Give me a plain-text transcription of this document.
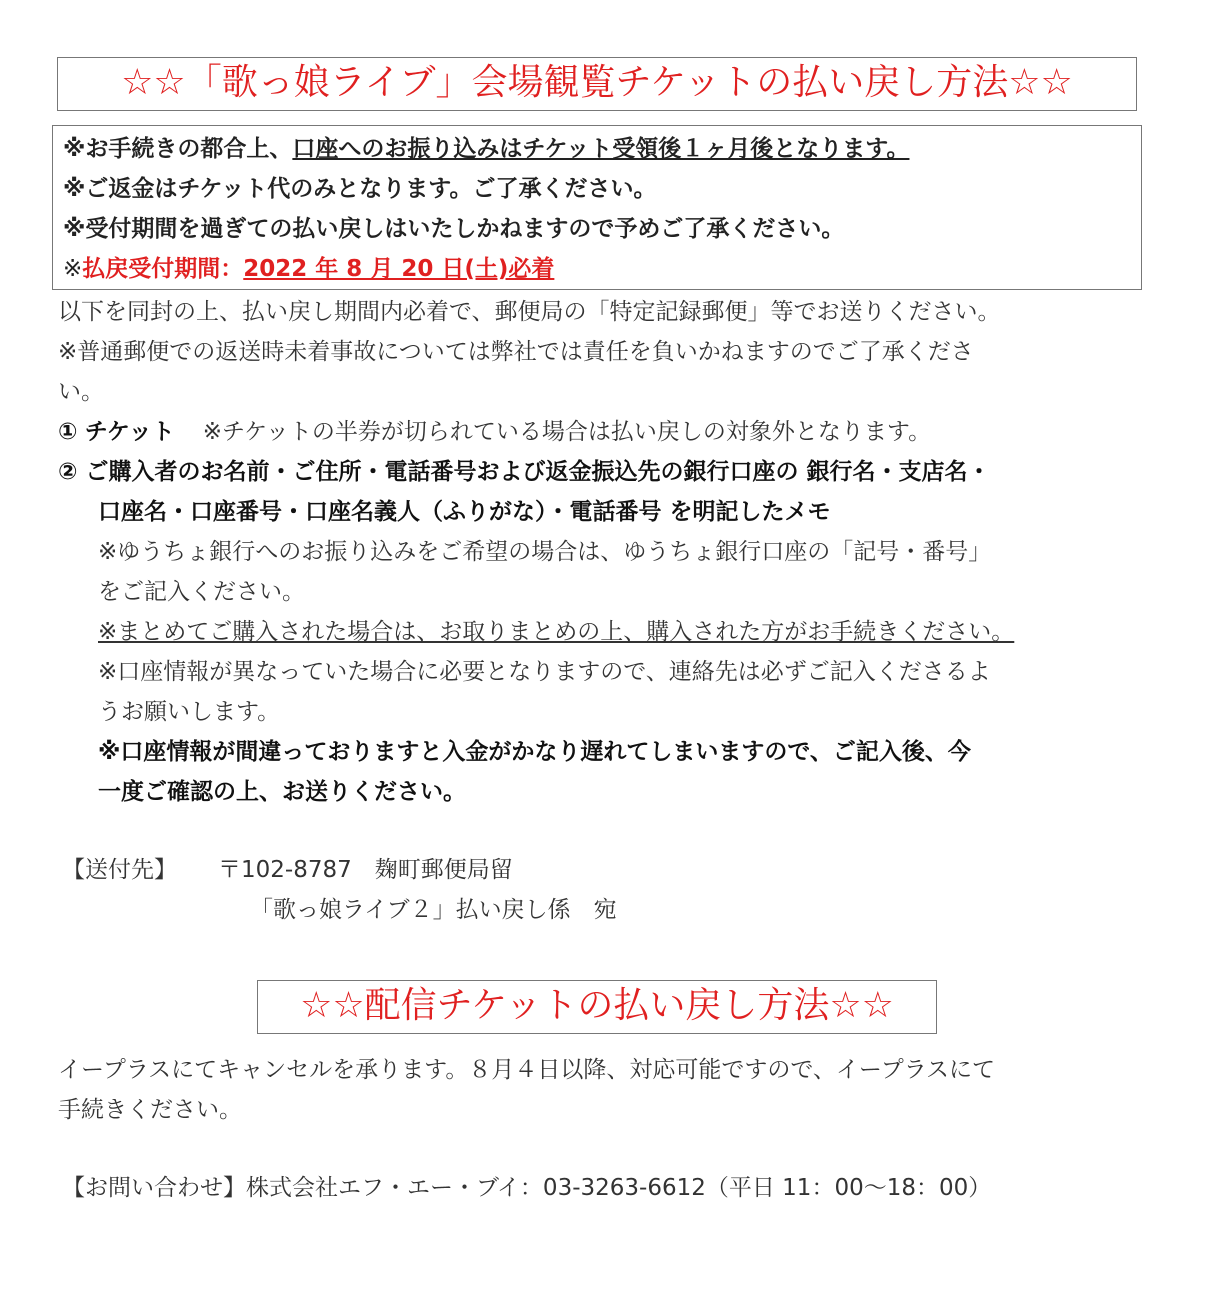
☆☆「歌っ娘ライブ」会場観覧チケットの払い戻し方法☆☆
※お手続きの都合上、口座へのお振り込みはチケット受領後１ヶ月後となります。
※ご返金はチケット代のみとなります。ご了承ください。
※受付期間を過ぎての払い戻しはいたしかねますので予めご了承ください。
※払戻受付期間：2022 年 8 月 20 日(土)必着
以下を同封の上、払い戻し期間内必着で、郵便局の「特定記録郵便」等でお送りください。
※普通郵便での返送時未着事故については弊社では責任を負いかねますのでご了承くださ
い。
① チケット ※チケットの半券が切られている場合は払い戻しの対象外となります。
② ご購入者のお名前・ご住所・電話番号および返金振込先の銀行口座の 銀行名・支店名・
口座名・口座番号・口座名義人（ふりがな）・電話番号 を明記したメモ
※ゆうちょ銀行へのお振り込みをご希望の場合は、ゆうちょ銀行口座の「記号・番号」
をご記入ください。
※まとめてご購入された場合は、お取りまとめの上、購入された方がお手続きください。
※口座情報が異なっていた場合に必要となりますので、連絡先は必ずご記入くださるよ
うお願いします。
※口座情報が間違っておりますと入金がかなり遅れてしまいますので、ご記入後、今
一度ご確認の上、お送りください。
【送付先】 〒102-8787　麹町郵便局留
「歌っ娘ライブ２」払い戻し係　宛
☆☆配信チケットの払い戻し方法☆☆
イープラスにてキャンセルを承ります。８月４日以降、対応可能ですので、イープラスにて
手続きください。
【お問い合わせ】株式会社エフ・エー・ブイ：03-3263-6612（平日 11：00～18：00）
